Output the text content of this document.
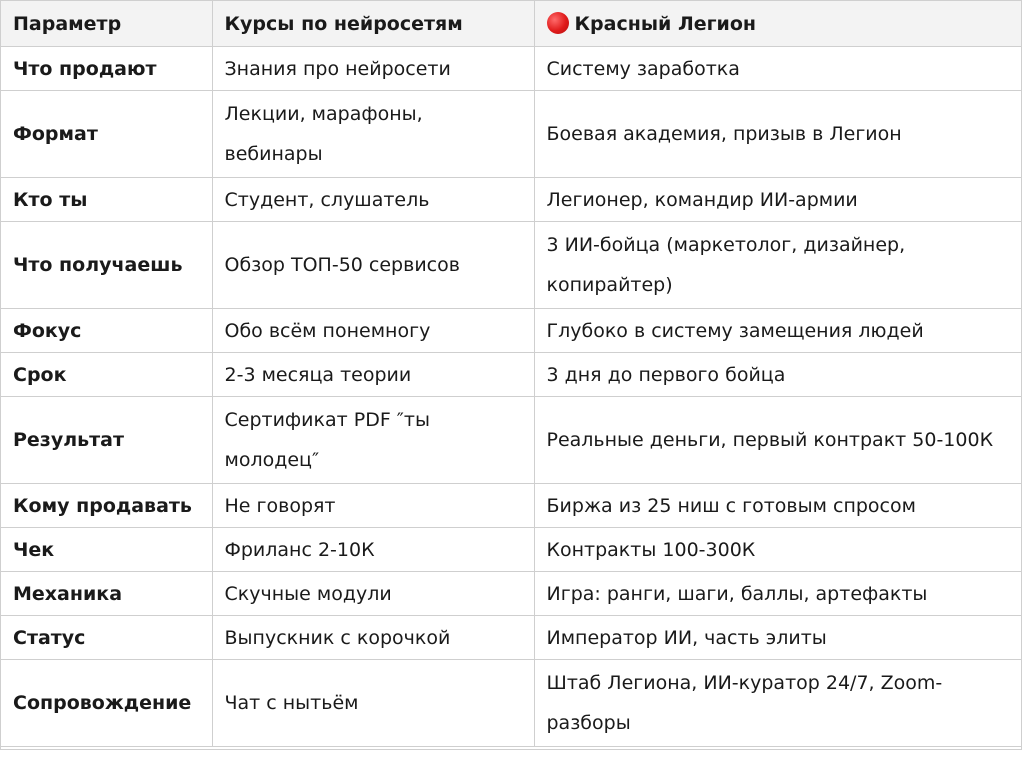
Параметр	Курсы по нейросетям	Красный Легион
Что продают	Знания про нейросети	Систему заработка
Формат	Лекции, марафоны, вебинары	Боевая академия, призыв в Легион
Кто ты	Студент, слушатель	Легионер, командир ИИ-армии
Что получаешь	Обзор ТОП-50 сервисов	3 ИИ-бойца (маркетолог, дизайнер, копирайтер)
Фокус	Обо всём понемногу	Глубоко в систему замещения людей
Срок	2-3 месяца теории	3 дня до первого бойца
Результат	Сертификат PDF ″ты молодец″	Реальные деньги, первый контракт 50-100К
Кому продавать	Не говорят	Биржа из 25 ниш с готовым спросом
Чек	Фриланс 2-10К	Контракты 100-300К
Механика	Скучные модули	Игра: ранги, шаги, баллы, артефакты
Статус	Выпускник с корочкой	Император ИИ, часть элиты
Сопровождение	Чат с нытьём	Штаб Легиона, ИИ-куратор 24/7, Zoom-разборы
